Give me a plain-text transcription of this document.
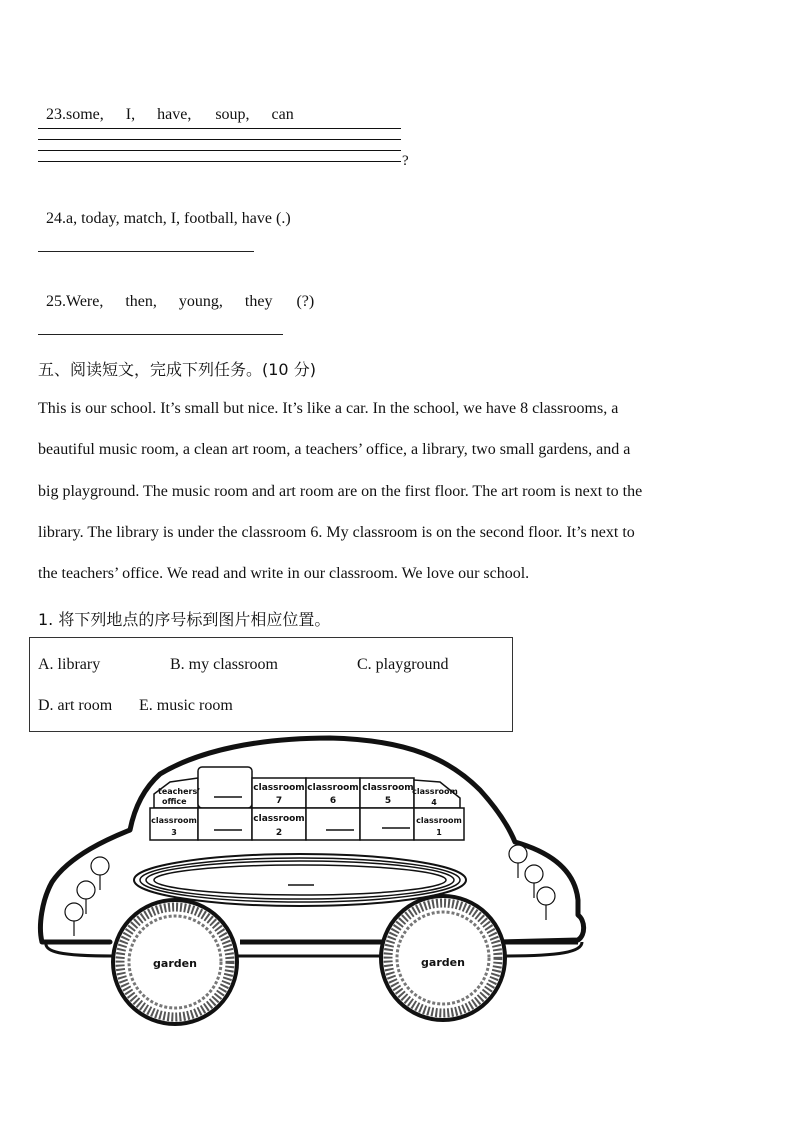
23.some, I, have, soup, can

?

24.a, today, match, I, football, have (.)

25.Were, then, young, they (?)

五、阅读短文，完成下列任务。(10 分)
This is our school. It’s small but nice. It’s like a car. In the school, we have 8 classrooms, a
beautiful music room, a clean art room, a teachers’ office, a library, two small gardens, and a
big playground. The music room and art room are on the first floor. The art room is next to the
library. The library is under the classroom 6. My classroom is on the second floor. It’s next to
the teachers’ office. We read and write in our classroom. We love our school.
1. 将下列地点的序号标到图片相应位置。
A. library	B. my classroom	C. playground
D. art room E. music room
teachers’
office
classroom
7
classroom
6
classroom
5
classroom
4
classroom
3
classroom
2
classroom
1
garden	garden
